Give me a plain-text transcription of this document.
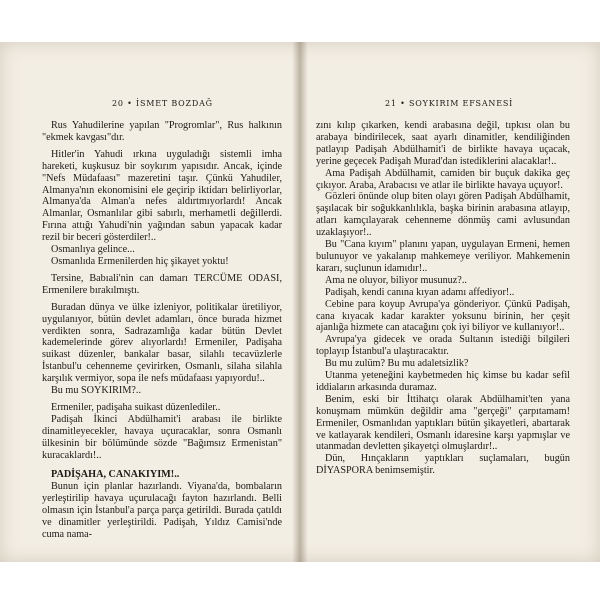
20 • İSMET BOZDAĞ

Rus Yahudilerine yapılan "Progromlar", Rus halkının "ekmek kavgası"dır.

Hitler'in Yahudi ırkına uyguladığı sistemli imha hareketi, kuşkusuz bir soykırım yapısıdır. Ancak, içinde "Nefs Müdafaası" mazeretini taşır. Çünkü Yahudiler, Almanya'nın ekonomisini ele geçirip iktidarı belirliyorlar, Almanya'da Alman'a nefes aldırtmıyorlardı! Ancak Almanlar, Osmanlılar gibi sabırlı, merhametli değillerdi. Fırına attığı Yahudi'nin yağından sabun yapacak kadar rezil bir beceri gösterdiler!..

Osmanlıya gelince...

Osmanlıda Ermenilerden hiç şikayet yoktu!

Tersine, Babıali'nin can damarı TERCÜME ODASI, Ermenilere bırakılmıştı.

Buradan dünya ve ülke izleniyor, politikalar üretiliyor, uygulanıyor, bütün devlet adamları, önce burada hizmet verdikten sonra, Sadrazamlığa kadar bütün Devlet kademelerinde görev alıyorlardı! Ermeniler, Padişaha suikast düzenler, bankalar basar, silahlı tecavüzlerle İstanbul'u cehenneme çevirirken, Osmanlı, silaha silahla karşılık vermiyor, sopa ile nefs müdafaası yapıyordu!..

Bu mu SOYKIRIM?..

Ermeniler, padişaha suikast düzenlediler..

Padişah İkinci Abdülhamit'i arabası ile birlikte dinamitleyecekler, havaya uçuracaklar, sonra Osmanlı ülkesinin bir bölümünde sözde "Bağımsız Ermenistan" kuracaklardı!..

PADİŞAHA, CANAKIYIM!..

Bunun için planlar hazırlandı. Viyana'da, bombaların yerleştirilip havaya uçurulacağı fayton hazırlandı. Belli olmasın için İstanbul'a parça parça getirildi. Burada çatıldı ve dinamitler yerleştirildi. Padişah, Yıldız Camisi'nde cuma nama-

21 • SOYKIRIM EFSANESİ

zını kılıp çıkarken, kendi arabasına değil, tıpkısı olan bu arabaya bindirilecek, saat ayarlı dinamitler, kendiliğinden patlayıp Padişah Abdülhamit'i de birlikte havaya uçacak, yerine geçecek Padişah Murad'dan istediklerini alacaklar!..

Ama Padişah Abdülhamit, camiden bir buçuk dakika geç çıkıyor. Araba, Arabacısı ve atlar ile birlikte havaya uçuyor!.

Gözleri önünde olup biten olayı gören Padişah Abdülhamit, şaşılacak bir soğukkanlılıkla, başka birinin arabasına atlayıp, atları kamçılayarak cehenneme dönmüş cami avlusundan uzaklaşıyor!..

Bu "Cana kıyım" planını yapan, uygulayan Ermeni, hemen bulunuyor ve yakalanıp mahkemeye veriliyor. Mahkemenin kararı, suçlunun idamıdır!..

Ama ne oluyor, biliyor musunuz?..

Padişah, kendi canına kıyan adamı affediyor!..

Cebine para koyup Avrupa'ya gönderiyor. Çünkü Padişah, cana kıyacak kadar karakter yoksunu birinin, her çeşit ajanlığa hizmete can atacağını çok iyi biliyor ve kullanıyor!..

Avrupa'ya gidecek ve orada Sultanın istediği bilgileri toplayıp İstanbul'a ulaştıracaktır.

Bu mu zulüm? Bu mu adaletsizlik?

Utanma yeteneğini kaybetmeden hiç kimse bu kadar sefil iddiaların arkasında duramaz.

Benim, eski bir İttihatçı olarak Abdülhamit'ten yana konuşmam mümkün değildir ama "gerçeği" çarpıtamam! Ermeniler, Osmanlıdan yaptıkları bütün şikayetleri, abartarak ve katlayarak kendileri, Osmanlı idaresine karşı yapmışlar ve utanmadan devletten şikayetçi olmuşlardır!..

Dün, Hınçakların yaptıkları suçlamaları, bugün DİYASPORA benimsemiştir.
